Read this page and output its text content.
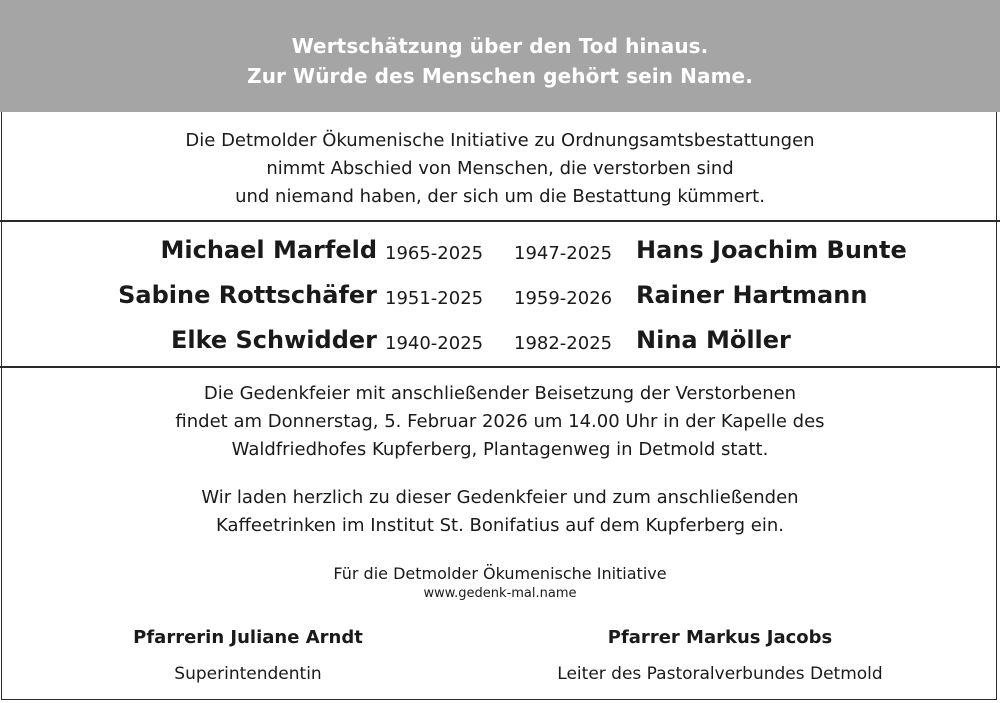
Wertschätzung über den Tod hinaus.
Zur Würde des Menschen gehört sein Name.
Die Detmolder Ökumenische Initiative zu Ordnungsamtsbestattungen
nimmt Abschied von Menschen, die verstorben sind
und niemand haben, der sich um die Bestattung kümmert.
Michael Marfeld 1965-2025 1947-2025 Hans Joachim Bunte
Sabine Rottschäfer 1951-2025 1959-2026 Rainer Hartmann
Elke Schwidder 1940-2025 1982-2025 Nina Möller

Die Gedenkfeier mit anschließender Beisetzung der Verstorbenen
findet am Donnerstag, 5. Februar 2026 um 14.00 Uhr in der Kapelle des
Waldfriedhofes Kupferberg, Plantagenweg in Detmold statt.

Wir laden herzlich zu dieser Gedenkfeier und zum anschließenden
Kaffeetrinken im Institut St. Bonifatius auf dem Kupferberg ein.

Für die Detmolder Ökumenische Initiative
www.gedenk-mal.name
Pfarrerin Juliane Arndt
Superintendentin
Pfarrer Markus Jacobs
Leiter des Pastoralverbundes Detmold
